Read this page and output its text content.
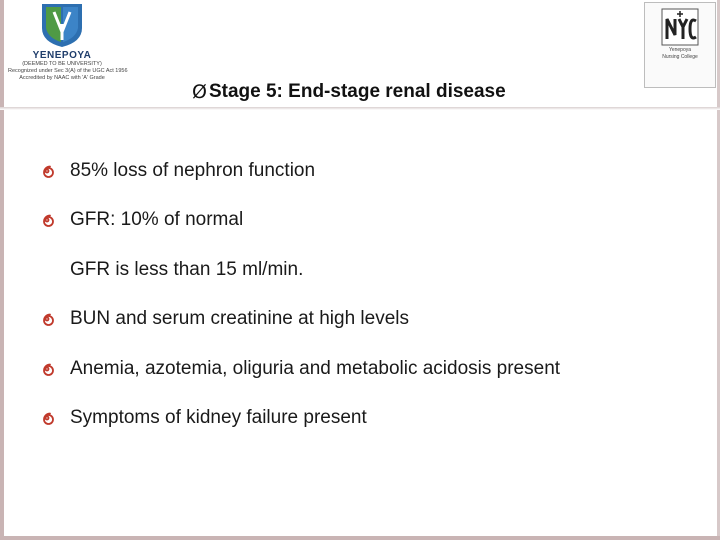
YENEPOYA
(DEEMED TO BE UNIVERSITY)
Recognized under Sec 3(A) of the UGC Act 1956
Accredited by NAAC with 'A' Grade
Yenepoya
Nursing College
Ø Stage 5: End-stage renal disease
85% loss of nephron function
GFR: 10% of normal
GFR is less than 15 ml/min.
BUN and serum creatinine at high levels
Anemia, azotemia, oliguria and metabolic acidosis present
Symptoms of kidney failure present
